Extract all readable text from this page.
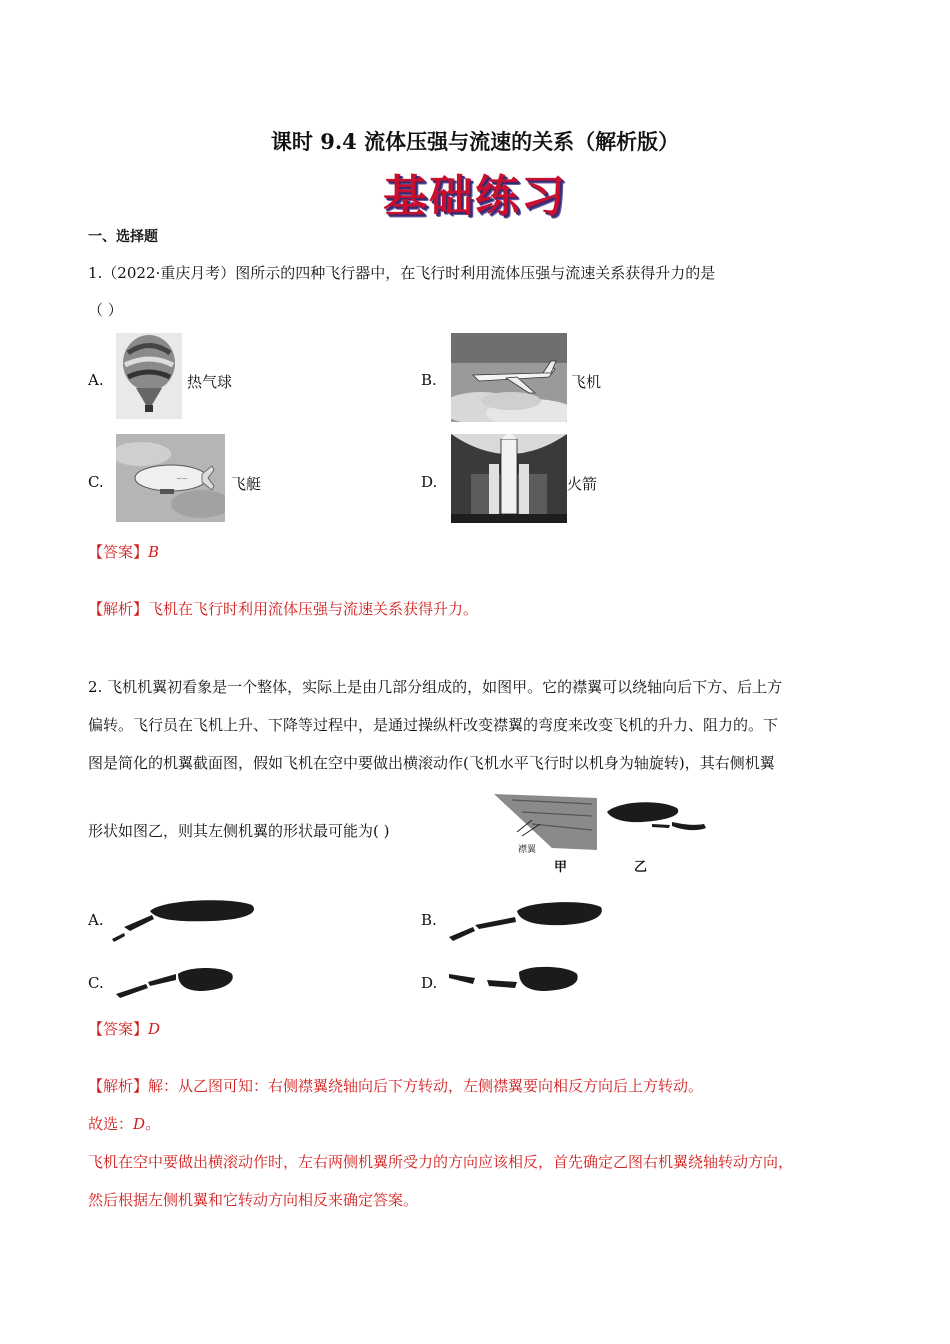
课时 9.4 流体压强与流速的关系（解析版）
基础练习
一、选择题
1.（2022·重庆月考）图所示的四种飞行器中，在飞行时利用流体压强与流速关系获得升力的是
（ ）
A.	热气球	B.	飞机
C.	~~	飞艇	D.	火箭
【答案】B
【解析】飞机在飞行时利用流体压强与流速关系获得升力。
2. 飞机机翼初看象是一个整体，实际上是由几部分组成的，如图甲。它的襟翼可以绕轴向后下方、后上方
偏转。飞行员在飞机上升、下降等过程中，是通过操纵杆改变襟翼的弯度来改变飞机的升力、阻力的。下
图是简化的机翼截面图，假如飞机在空中要做出横滚动作(飞机水平飞行时以机身为轴旋转)，其右侧机翼
形状如图乙，则其左侧机翼的形状最可能为( )
襟翼
甲	乙
A.	B.
C.	D.
【答案】D
【解析】解：从乙图可知：右侧襟翼绕轴向后下方转动，左侧襟翼要向相反方向后上方转动。
故选：D。
飞机在空中要做出横滚动作时，左右两侧机翼所受力的方向应该相反，首先确定乙图右机翼绕轴转动方向，
然后根据左侧机翼和它转动方向相反来确定答案。
